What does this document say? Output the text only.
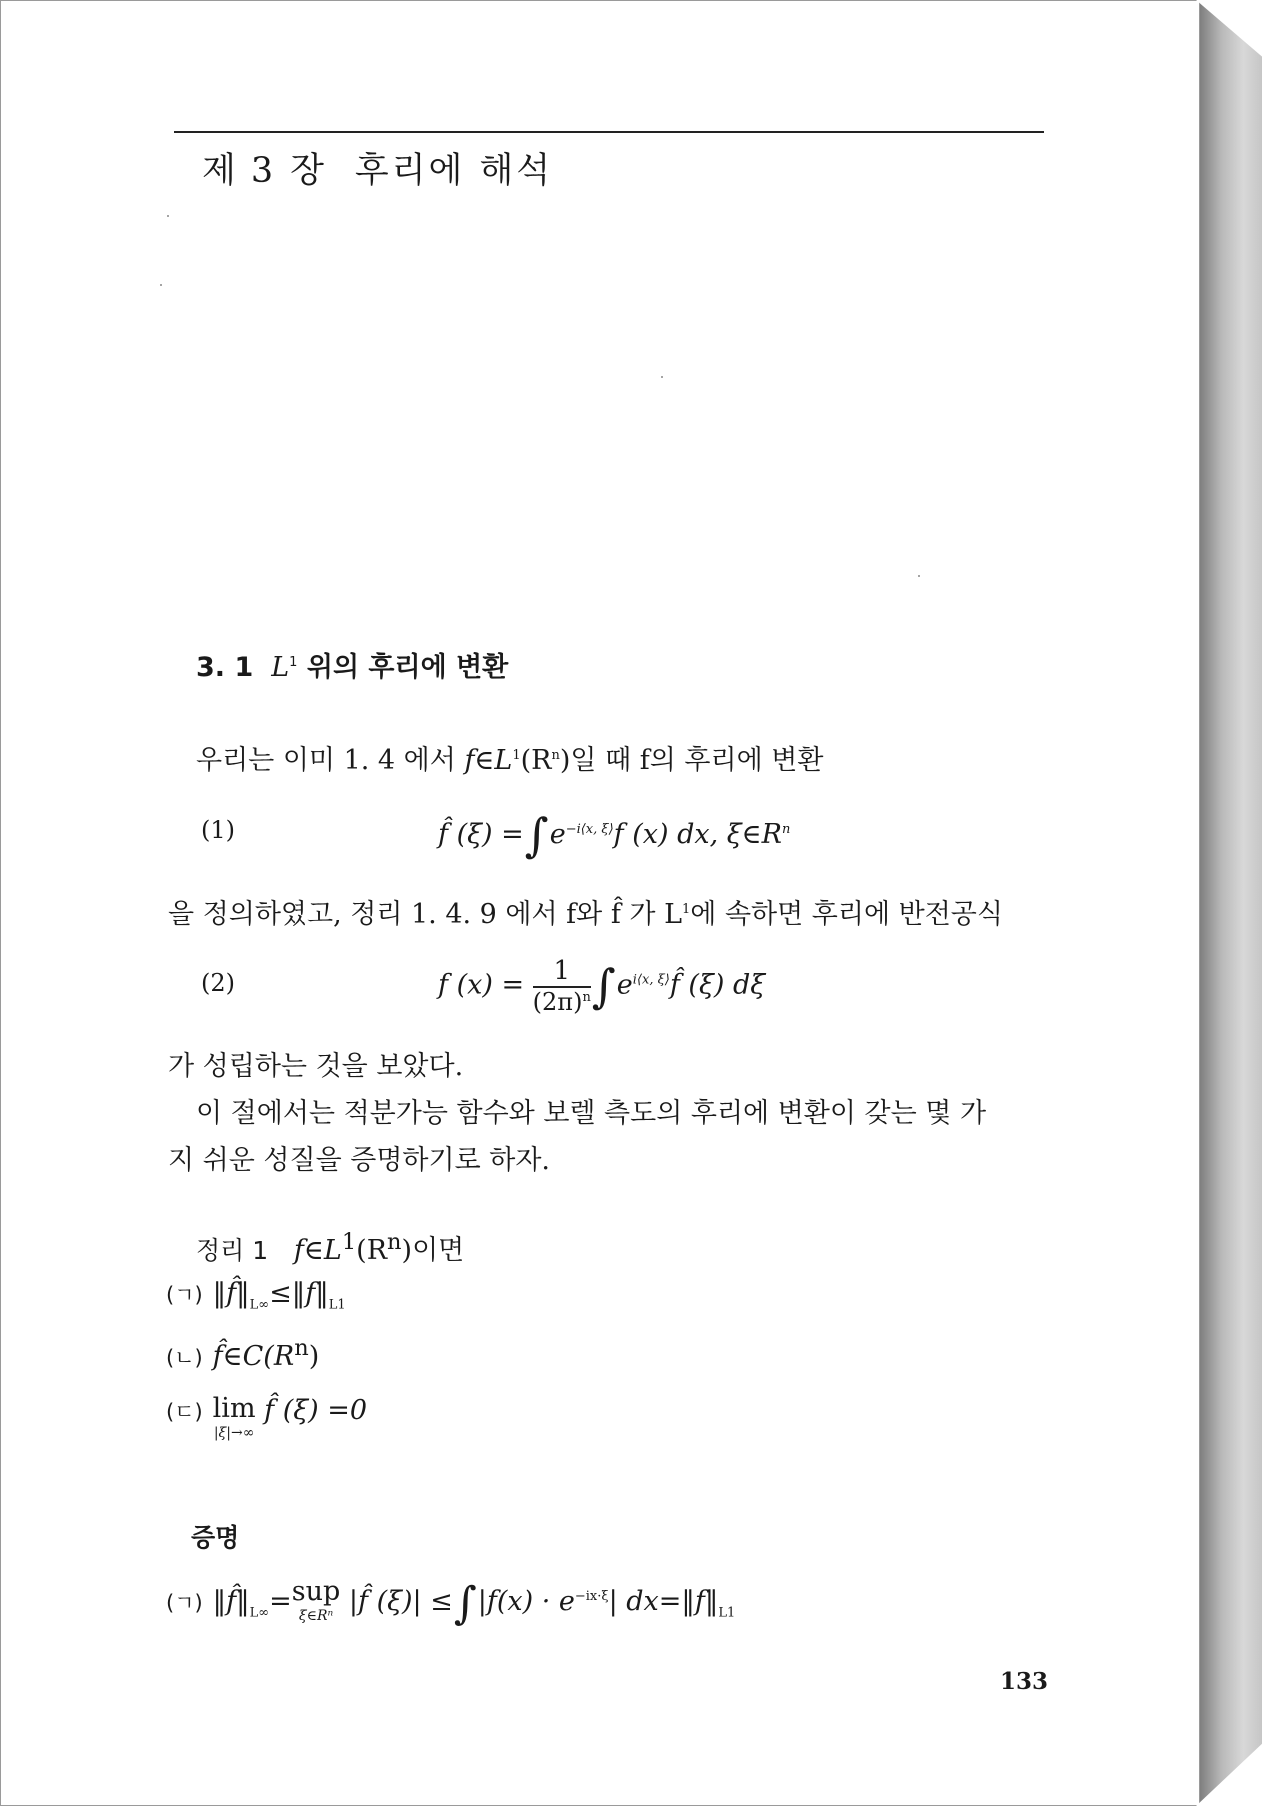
제 3 장 후리에 해석
3. 1 $L^1$ 위의 후리에 변환
우리는 이미 1. 4 에서 $f\in L^1(R^n)$일 때 f의 후리에 변환
(1)	f̂ $(\xi) =\int e^{-i⟨x, \xi⟩}f$ (x) dx, $\xi\in R^n$
을 정의하였고, 정리 1. 4. 9 에서 f와 f̂ 가 $L^1$에 속하면 후리에 반전공식
(2)	f $(x) = \frac{1}{(2\pi)^n}$ $\int e^{i⟨x, \xi⟩}f̂$ (ξ) dξ
가 성립하는 것을 보았다.
이 절에서는 적분가능 함수와 보렐 측도의 후리에 변환이 갖는 몇 가
지 쉬운 성질을 증명하기로 하자.
정리 1 $f\in L^1(R^n)$이면
(ㄱ) $‖f̂‖_{L\infty}\le‖f‖_{L1}$
(ㄴ) $f̂\in C(R^n)$
(ㄷ) lim
|ξ|→∞
f̂ (ξ) =0
증명
(ㄱ) $‖f̂‖_{L\infty}=sup$
ξ∈Rⁿ |f̂ $(\xi)| \le\int|f(x) \cdot e^{-ix\cdot\xi}|$ $dx=‖f‖_{L1}$
133
